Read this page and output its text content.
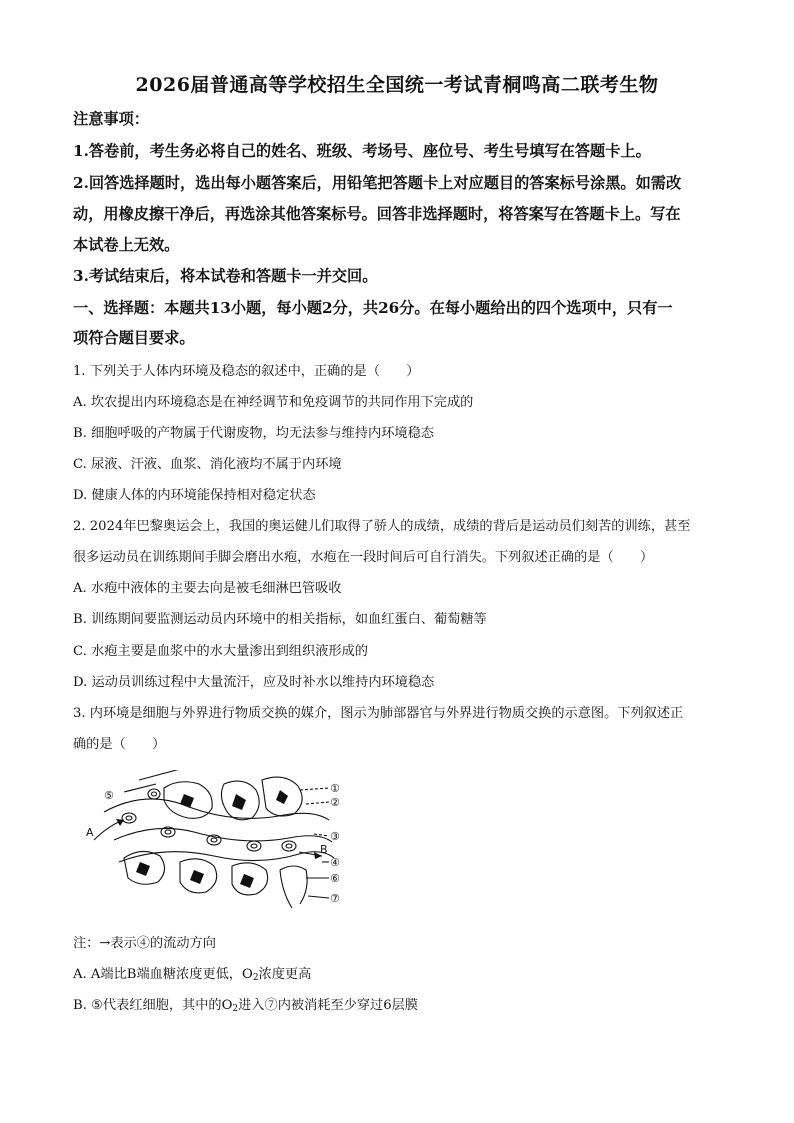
2026届普通高等学校招生全国统一考试青桐鸣高二联考生物
注意事项：
1.答卷前，考生务必将自己的姓名、班级、考场号、座位号、考生号填写在答题卡上。
2.回答选择题时，选出每小题答案后，用铅笔把答题卡上对应题目的答案标号涂黑。如需改
动，用橡皮擦干净后，再选涂其他答案标号。回答非选择题时，将答案写在答题卡上。写在
本试卷上无效。
3.考试结束后，将本试卷和答题卡一并交回。
一、选择题：本题共13小题，每小题2分，共26分。在每小题给出的四个选项中，只有一
项符合题目要求。
1. 下列关于人体内环境及稳态的叙述中，正确的是（　　）
A. 坎农提出内环境稳态是在神经调节和免疫调节的共同作用下完成的
B. 细胞呼吸的产物属于代谢废物，均无法参与维持内环境稳态
C. 尿液、汗液、血浆、消化液均不属于内环境
D. 健康人体的内环境能保持相对稳定状态
2. 2024年巴黎奥运会上，我国的奥运健儿们取得了骄人的成绩，成绩的背后是运动员们刻苦的训练，甚至
很多运动员在训练期间手脚会磨出水疱，水疱在一段时间后可自行消失。下列叙述正确的是（　　）
A. 水疱中液体的主要去向是被毛细淋巴管吸收
B. 训练期间要监测运动员内环境中的相关指标，如血红蛋白、葡萄糖等
C. 水疱主要是血浆中的水大量渗出到组织液形成的
D. 运动员训练过程中大量流汗，应及时补水以维持内环境稳态
3. 内环境是细胞与外界进行物质交换的媒介，图示为肺部器官与外界进行物质交换的示意图。下列叙述正
确的是（　　）
⑤
A
B
①
②
③
④
⑥
⑦
注：→表示④的流动方向
A. A端比B端血糖浓度更低，O2浓度更高
B. ⑤代表红细胞，其中的O2进入⑦内被消耗至少穿过6层膜
